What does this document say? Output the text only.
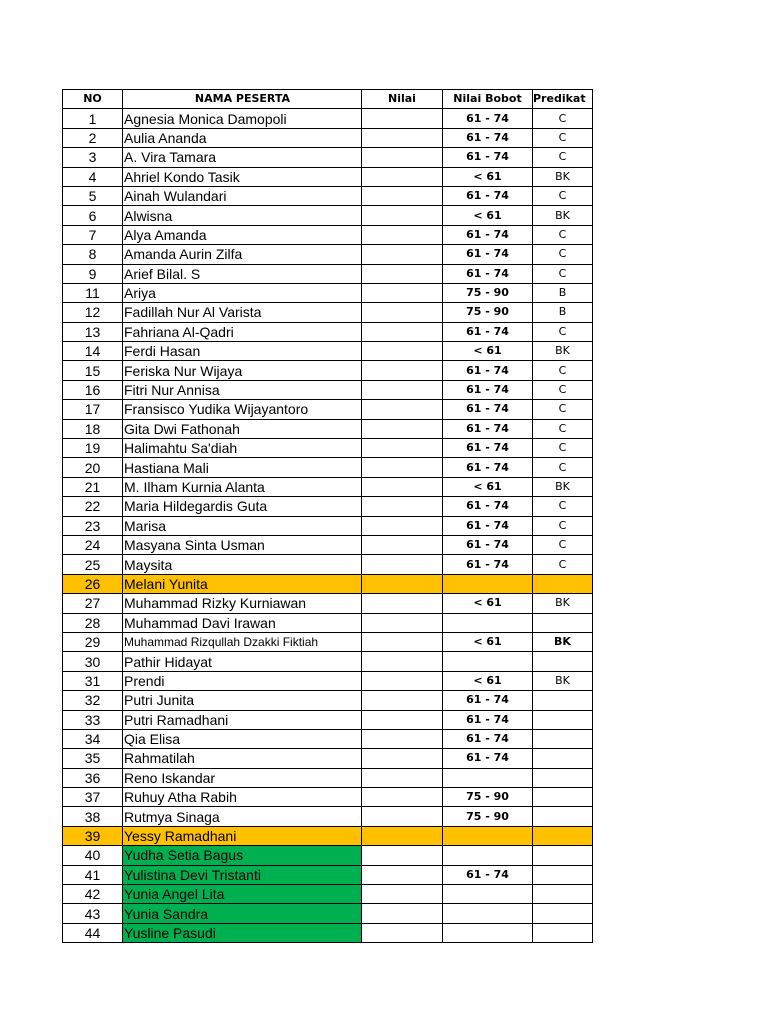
NO	NAMA PESERTA	Nilai	Nilai Bobot	Predikat
1	Agnesia Monica Damopoli		61 - 74	C
2	Aulia Ananda		61 - 74	C
3	A. Vira Tamara		61 - 74	C
4	Ahriel Kondo Tasik		< 61	BK
5	Ainah Wulandari		61 - 74	C
6	Alwisna		< 61	BK
7	Alya Amanda		61 - 74	C
8	Amanda Aurin Zilfa		61 - 74	C
9	Arief Bilal. S		61 - 74	C
11	Ariya		75 - 90	B
12	Fadillah Nur Al Varista		75 - 90	B
13	Fahriana Al-Qadri		61 - 74	C
14	Ferdi Hasan		< 61	BK
15	Feriska Nur Wijaya		61 - 74	C
16	Fitri Nur Annisa		61 - 74	C
17	Fransisco Yudika Wijayantoro		61 - 74	C
18	Gita Dwi Fathonah		61 - 74	C
19	Halimahtu Sa'diah		61 - 74	C
20	Hastiana Mali		61 - 74	C
21	M. Ilham Kurnia Alanta		< 61	BK
22	Maria Hildegardis Guta		61 - 74	C
23	Marisa		61 - 74	C
24	Masyana Sinta Usman		61 - 74	C
25	Maysita		61 - 74	C
26	Melani Yunita			
27	Muhammad Rizky Kurniawan		< 61	BK
28	Muhammad Davi Irawan			
29	Muhammad Rizqullah Dzakki Fiktiah		< 61	BK
30	Pathir Hidayat			
31	Prendi		< 61	BK
32	Putri Junita		61 - 74	
33	Putri Ramadhani		61 - 74	
34	Qia Elisa		61 - 74	
35	Rahmatilah		61 - 74	
36	Reno Iskandar			
37	Ruhuy Atha Rabih		75 - 90	
38	Rutmya Sinaga		75 - 90	
39	Yessy Ramadhani			
40	Yudha Setia Bagus			
41	Yulistina Devi Tristanti		61 - 74	
42	Yunia Angel Lita			
43	Yunia Sandra			
44	Yusline Pasudi			
